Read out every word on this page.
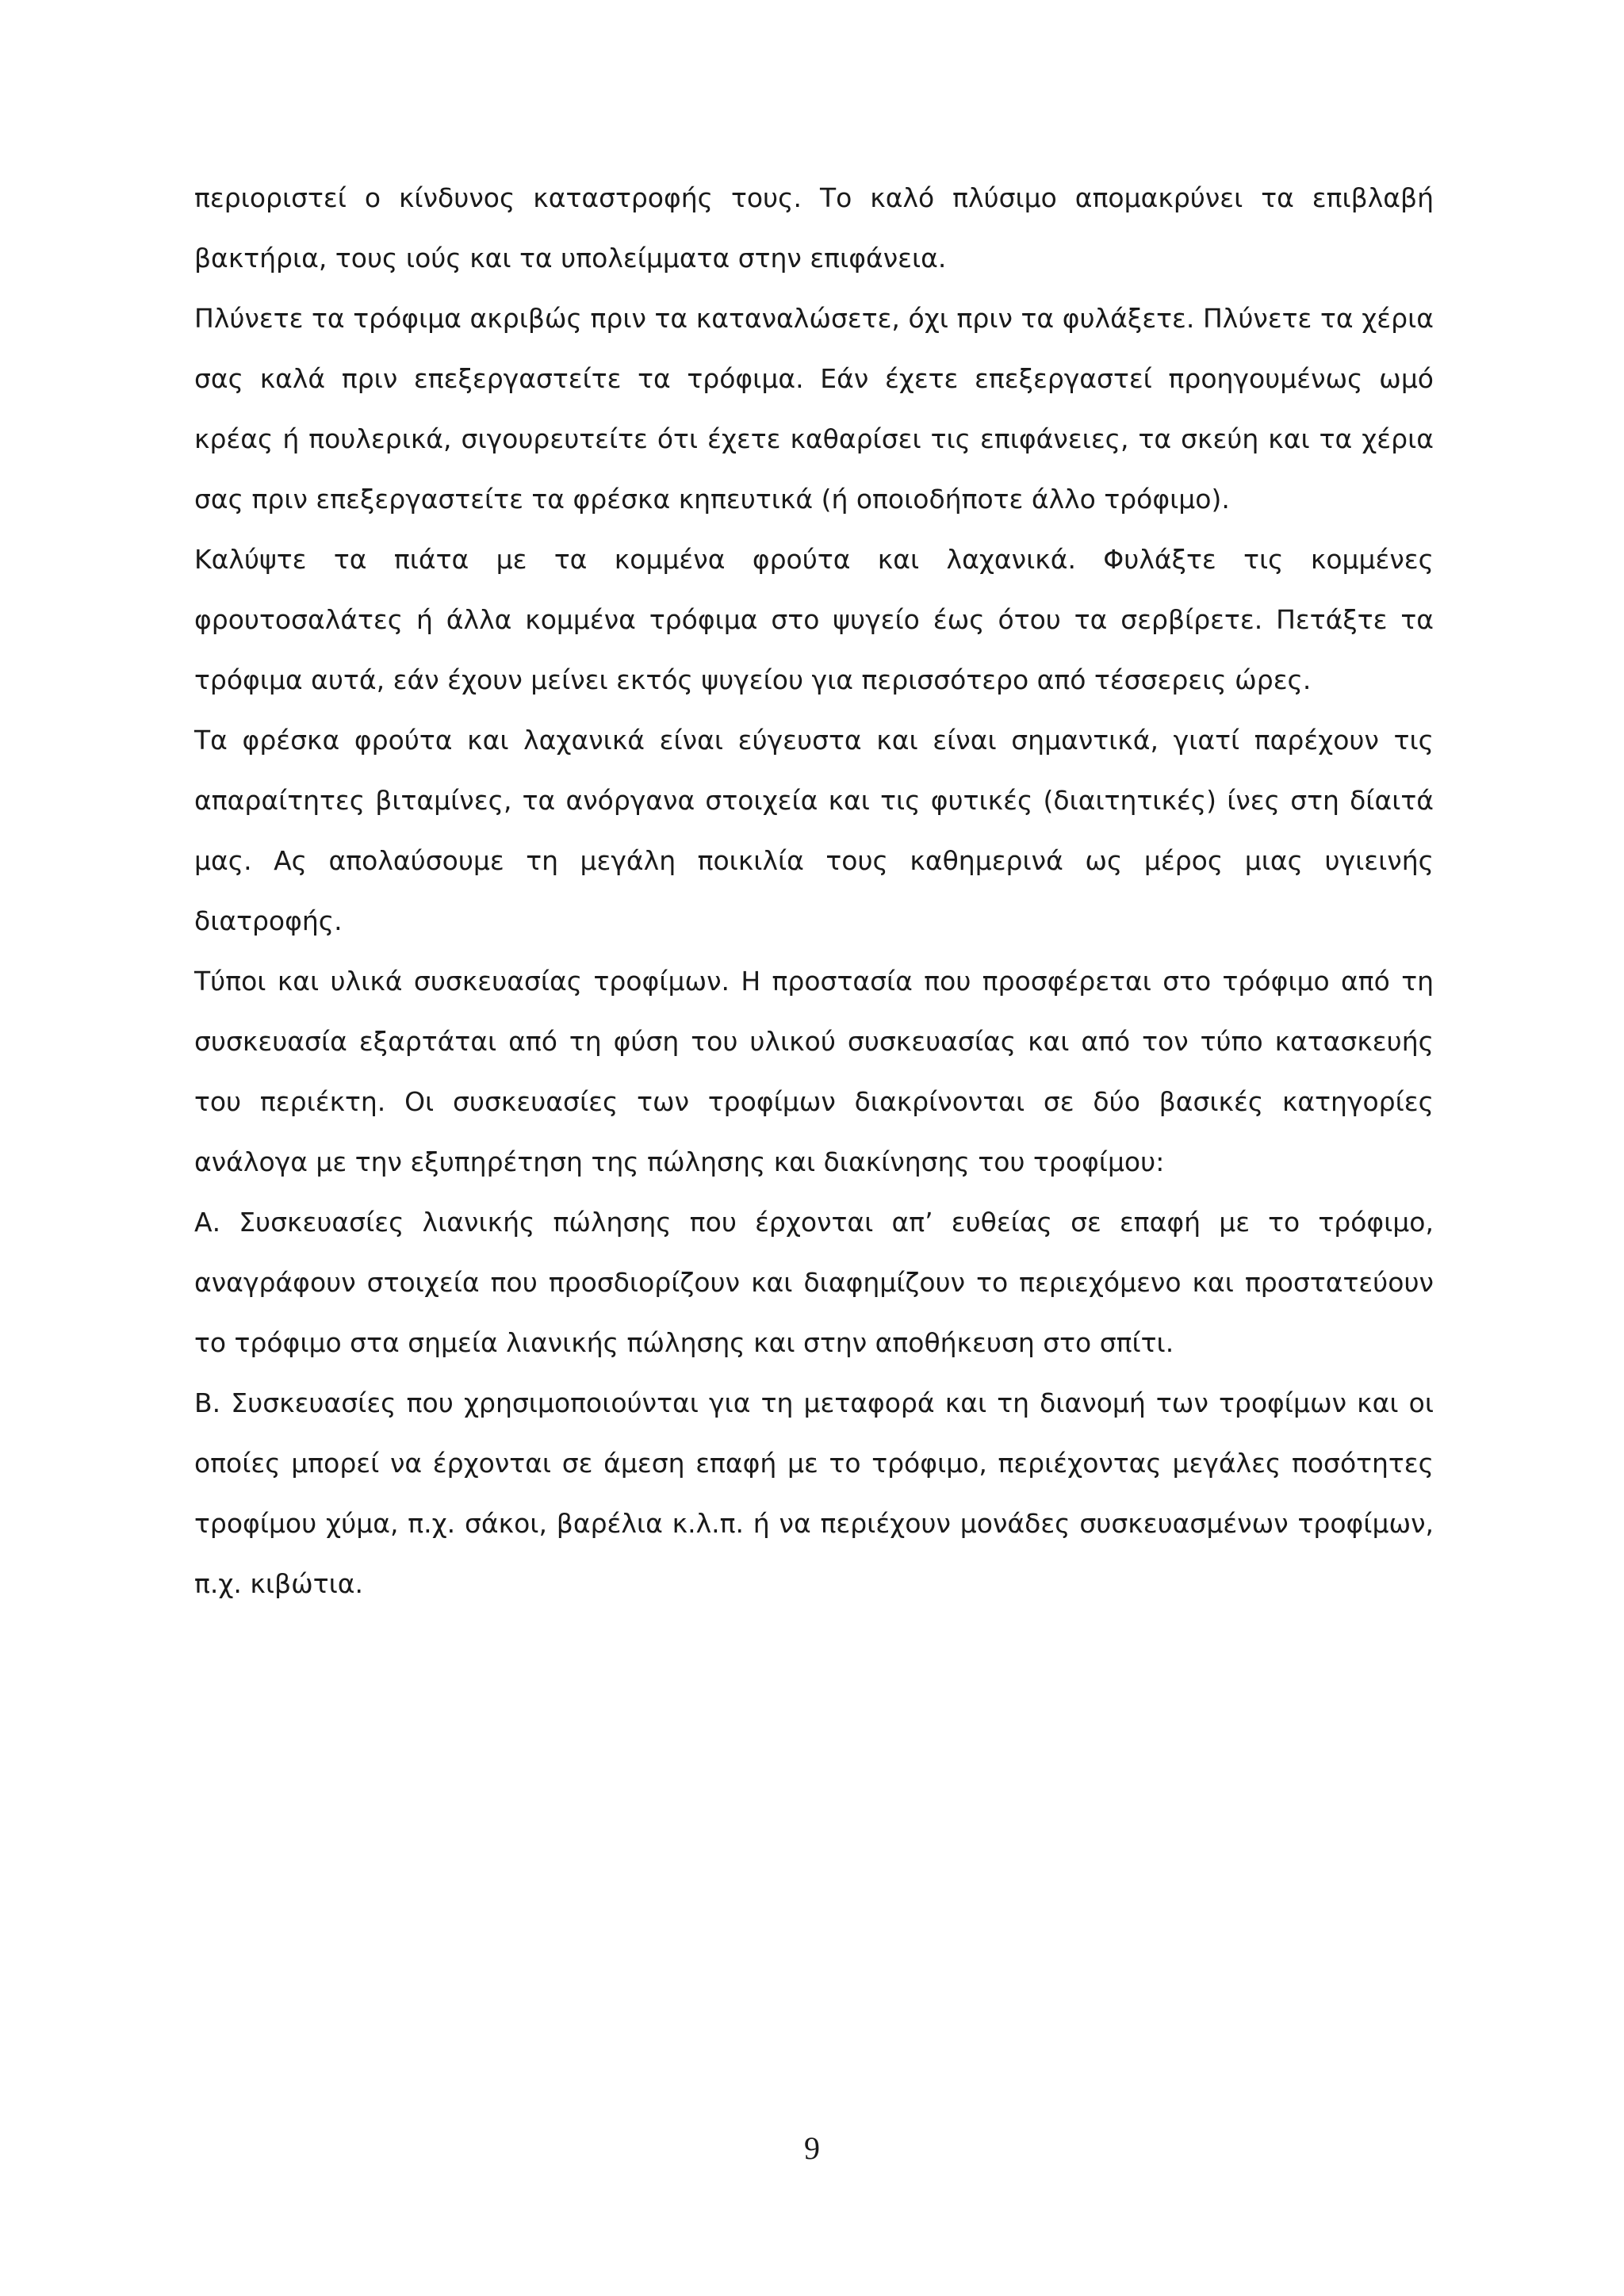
περιοριστεί ο κίνδυνος καταστροφής τους. Το καλό πλύσιμο απομακρύνει τα επιβλαβή βακτήρια, τους ιούς και τα υπολείμματα στην επιφάνεια.

Πλύνετε τα τρόφιμα ακριβώς πριν τα καταναλώσετε, όχι πριν τα φυλάξετε. Πλύνετε τα χέρια σας καλά πριν επεξεργαστείτε τα τρόφιμα. Εάν έχετε επεξεργαστεί προηγουμένως ωμό κρέας ή πουλερικά, σιγουρευτείτε ότι έχετε καθαρίσει τις επιφάνειες, τα σκεύη και τα χέρια σας πριν επεξεργαστείτε τα φρέσκα κηπευτικά (ή οποιοδήποτε άλλο τρόφιμο).

Καλύψτε τα πιάτα με τα κομμένα φρούτα και λαχανικά. Φυλάξτε τις κομμένες φρουτοσαλάτες ή άλλα κομμένα τρόφιμα στο ψυγείο έως ότου τα σερβίρετε. Πετάξτε τα τρόφιμα αυτά, εάν έχουν μείνει εκτός ψυγείου για περισσότερο από τέσσερεις ώρες.

Τα φρέσκα φρούτα και λαχανικά είναι εύγευστα και είναι σημαντικά, γιατί παρέχουν τις απαραίτητες βιταμίνες, τα ανόργανα στοιχεία και τις φυτικές (διαιτητικές) ίνες στη δίαιτά μας. Ας απολαύσουμε τη μεγάλη ποικιλία τους καθημερινά ως μέρος μιας υγιεινής διατροφής.

Τύποι και υλικά συσκευασίας τροφίμων. Η προστασία που προσφέρεται στο τρόφιμο από τη συσκευασία εξαρτάται από τη φύση του υλικού συσκευασίας και από τον τύπο κατασκευής του περιέκτη. Οι συσκευασίες των τροφίμων διακρίνονται σε δύο βασικές κατηγορίες ανάλογα με την εξυπηρέτηση της πώλησης και διακίνησης του τροφίμου:

Α. Συσκευασίες λιανικής πώλησης που έρχονται απ’ ευθείας σε επαφή με το τρόφιμο, αναγράφουν στοιχεία που προσδιορίζουν και διαφημίζουν το περιεχόμενο και προστατεύουν το τρόφιμο στα σημεία λιανικής πώλησης και στην αποθήκευση στο σπίτι.

Β. Συσκευασίες που χρησιμοποιούνται για τη μεταφορά και τη διανομή των τροφίμων και οι οποίες μπορεί να έρχονται σε άμεση επαφή με το τρόφιμο, περιέχοντας μεγάλες ποσότητες τροφίμου χύμα, π.χ. σάκοι, βαρέλια κ.λ.π. ή να περιέχουν μονάδες συσκευασμένων τροφίμων, π.χ. κιβώτια.

9
